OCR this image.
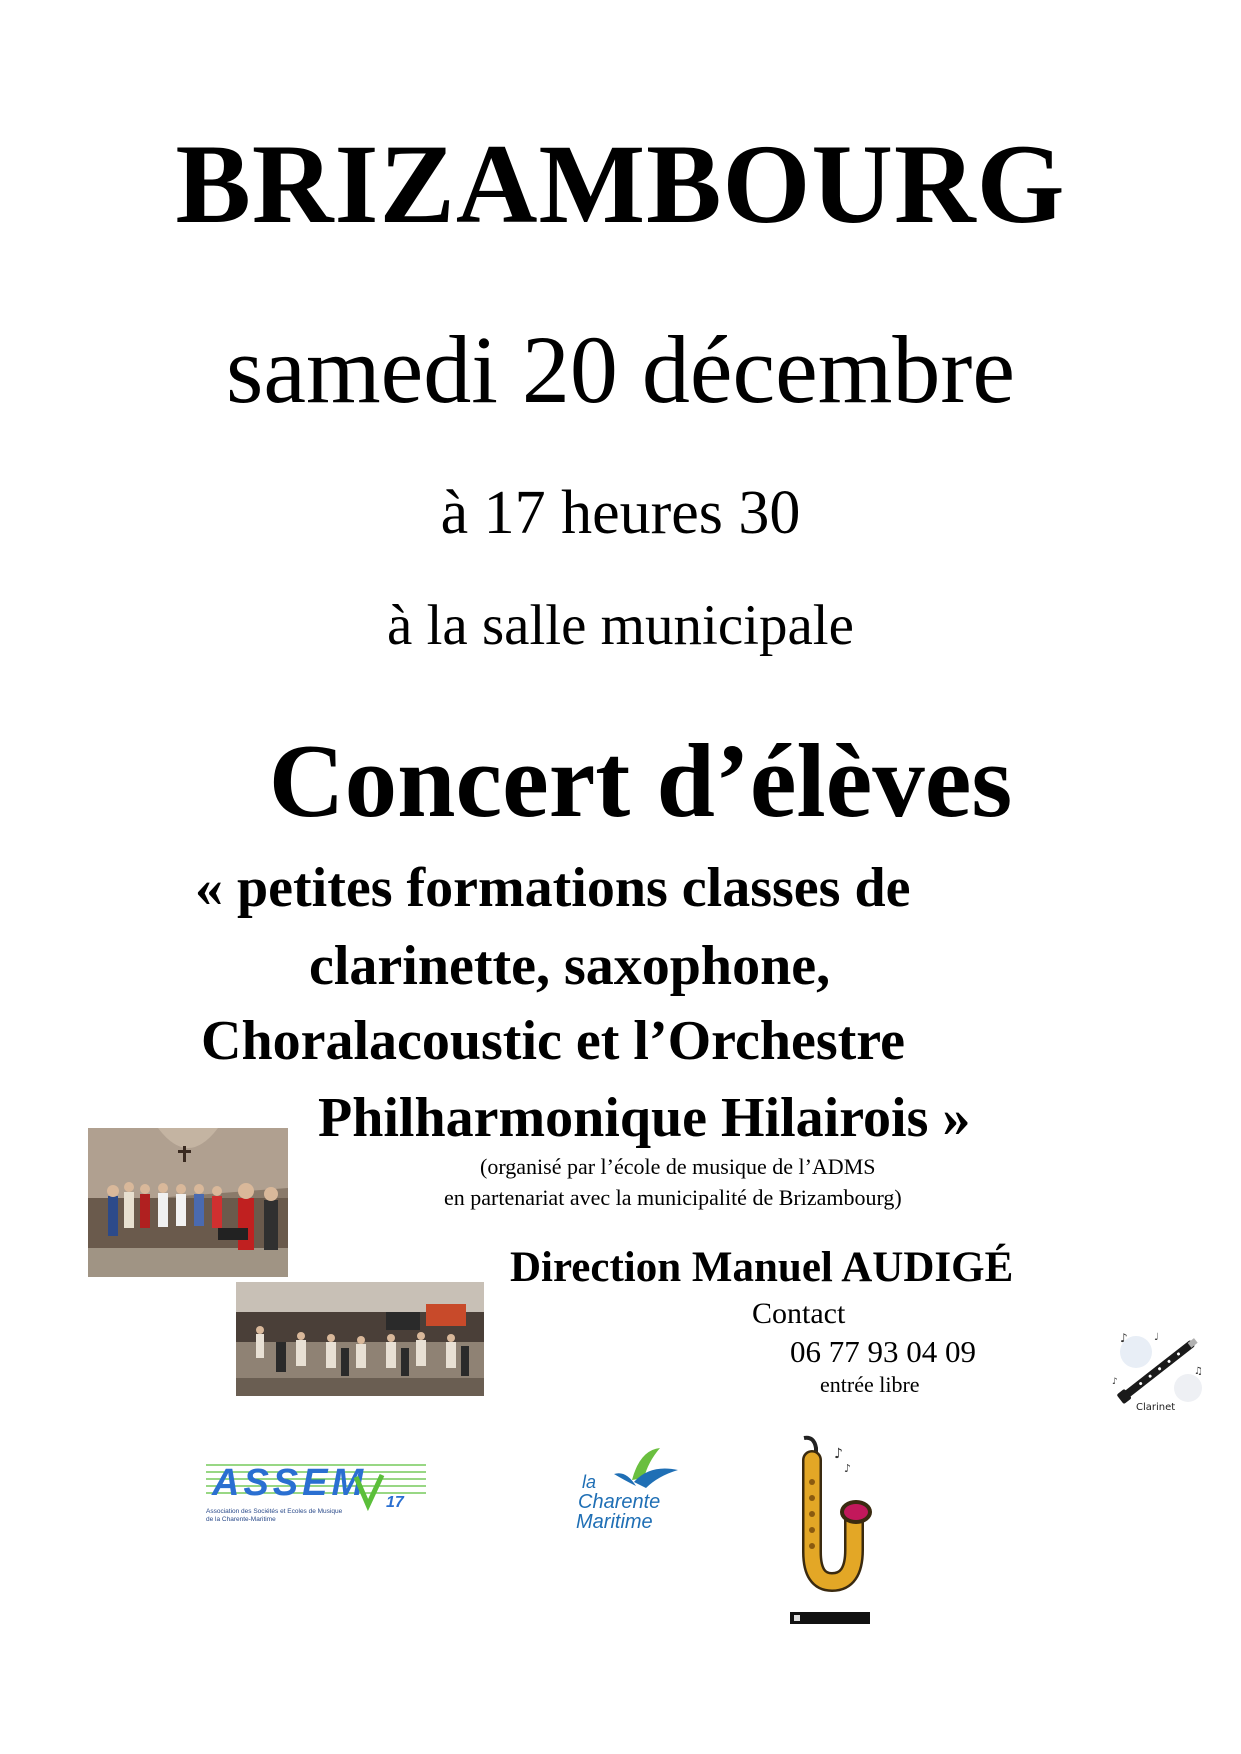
BRIZAMBOURG
samedi 20 décembre
à 17 heures 30
à la salle municipale
Concert d’élèves
« petites formations classes de
clarinette, saxophone,
Choralacoustic et l’Orchestre
Philharmonique Hilairois »
(organisé par l’école de musique de l’ADMS
en partenariat avec la municipalité de Brizambourg)
Direction Manuel AUDIGÉ
Contact
06 77 93 04 09
entrée libre
♪	♩
♪
♫
Clarinet
ASSEM 17
Association des Sociétés et Ecoles de Musique
de la Charente-Maritime
la
Charente
Maritime
♪
♪
